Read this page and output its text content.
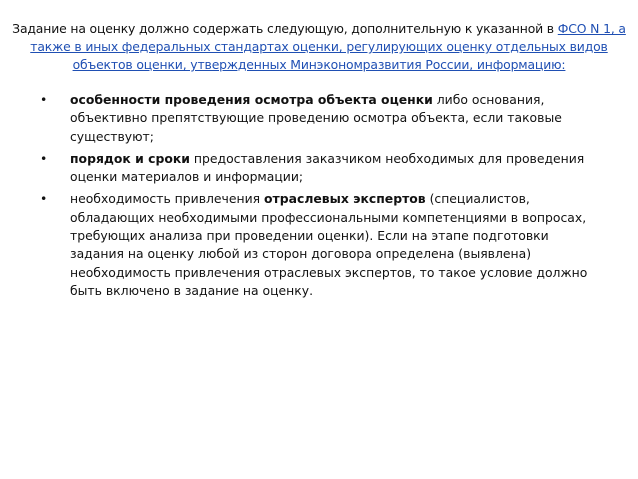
Задание на оценку должно содержать следующую, дополнительную к указанной в ФСО N 1, а также в иных федеральных стандартах оценки, регулирующих оценку отдельных видов объектов оценки, утвержденных Минэкономразвития России, информацию:

•	особенности проведения осмотра объекта оценки либо основания, объективно препятствующие проведению осмотра объекта, если таковые существуют;
•	порядок и сроки предоставления заказчиком необходимых для проведения оценки материалов и информации;
•	необходимость привлечения отраслевых экспертов (специалистов, обладающих необходимыми профессиональными компетенциями в вопросах, требующих анализа при проведении оценки). Если на этапе подготовки задания на оценку любой из сторон договора определена (выявлена) необходимость привлечения отраслевых экспертов, то такое условие должно быть включено в задание на оценку.
